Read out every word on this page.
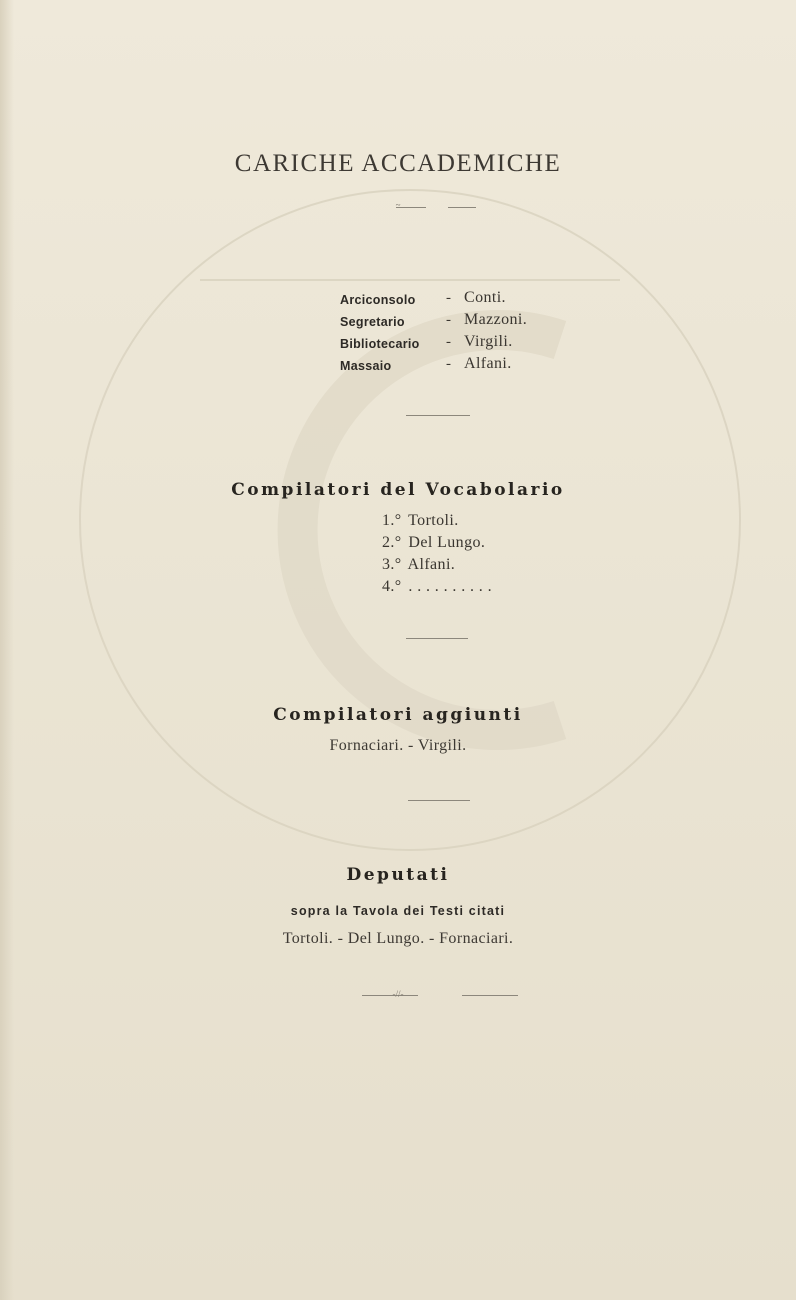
CARICHE ACCADEMICHE
~
Arciconsolo - Conti.
Segretario	- Mazzoni.
Bibliotecario - Virgili.
Massaio	- Alfani.
Compilatori del Vocabolario
1.° Tortoli.
2.° Del Lungo.
3.° Alfani.
4.° . . . . . . . . . .
Compilatori aggiunti
Fornaciari. - Virgili.
Deputati
sopra la Tavola dei Testi citati
Tortoli. - Del Lungo. - Fornaciari.
-//-
